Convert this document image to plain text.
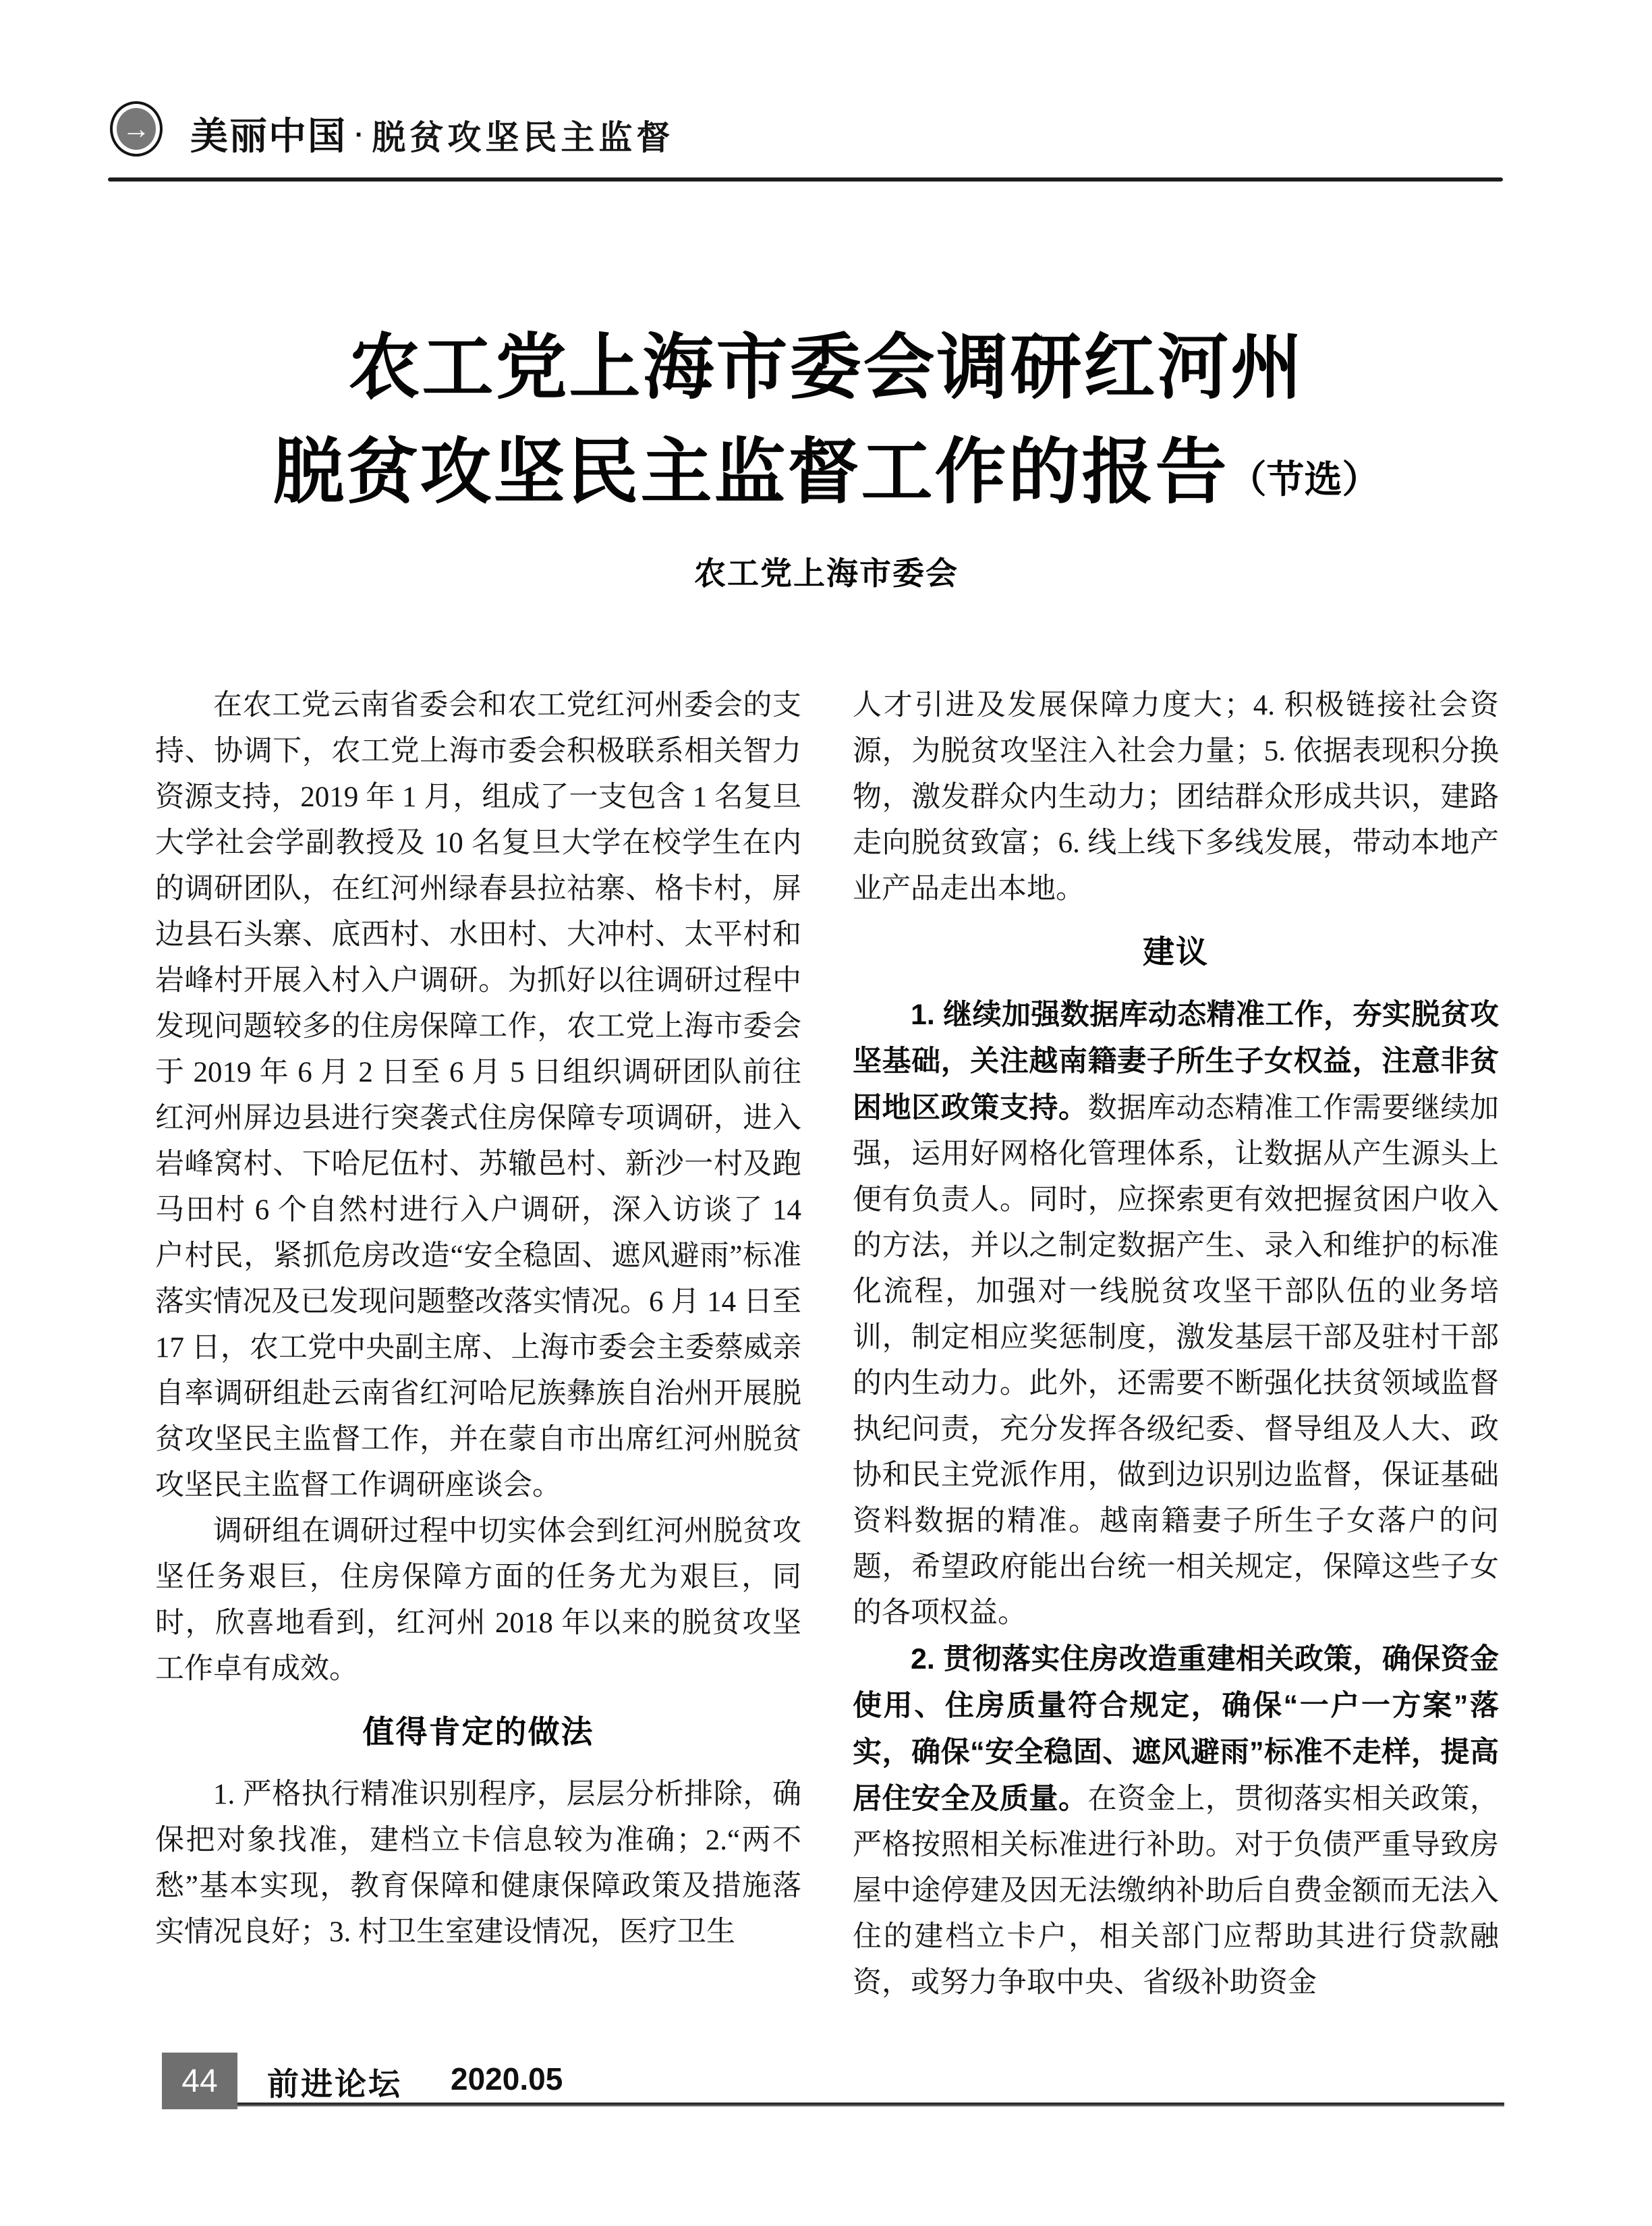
→ 美丽中国 · 脱贫攻坚民主监督
农工党上海市委会调研红河州
脱贫攻坚民主监督工作的报告（节选）
农工党上海市委会

在农工党云南省委会和农工党红河州委会的支持、协调下，农工党上海市委会积极联系相关智力资源支持，2019 年 1 月，组成了一支包含 1 名复旦大学社会学副教授及 10 名复旦大学在校学生在内的调研团队，在红河州绿春县拉祜寨、格卡村，屏边县石头寨、底西村、水田村、大冲村、太平村和岩峰村开展入村入户调研。为抓好以往调研过程中发现问题较多的住房保障工作，农工党上海市委会于 2019 年 6 月 2 日至 6 月 5 日组织调研团队前往红河州屏边县进行突袭式住房保障专项调研，进入岩峰窝村、下哈尼伍村、苏辙邑村、新沙一村及跑马田村 6 个自然村进行入户调研，深入访谈了 14 户村民，紧抓危房改造“安全稳固、遮风避雨”标准落实情况及已发现问题整改落实情况。6 月 14 日至 17 日，农工党中央副主席、上海市委会主委蔡威亲自率调研组赴云南省红河哈尼族彝族自治州开展脱贫攻坚民主监督工作，并在蒙自市出席红河州脱贫攻坚民主监督工作调研座谈会。

调研组在调研过程中切实体会到红河州脱贫攻坚任务艰巨，住房保障方面的任务尤为艰巨，同时，欣喜地看到，红河州 2018 年以来的脱贫攻坚工作卓有成效。

值得肯定的做法

1. 严格执行精准识别程序，层层分析排除，确保把对象找准，建档立卡信息较为准确；2.“两不愁”基本实现，教育保障和健康保障政策及措施落实情况良好；3. 村卫生室建设情况，医疗卫生

人才引进及发展保障力度大；4. 积极链接社会资源，为脱贫攻坚注入社会力量；5. 依据表现积分换物，激发群众内生动力；团结群众形成共识，建路走向脱贫致富；6. 线上线下多线发展，带动本地产业产品走出本地。

建议

1. 继续加强数据库动态精准工作，夯实脱贫攻坚基础，关注越南籍妻子所生子女权益，注意非贫困地区政策支持。数据库动态精准工作需要继续加强，运用好网格化管理体系，让数据从产生源头上便有负责人。同时，应探索更有效把握贫困户收入的方法，并以之制定数据产生、录入和维护的标准化流程，加强对一线脱贫攻坚干部队伍的业务培训，制定相应奖惩制度，激发基层干部及驻村干部的内生动力。此外，还需要不断强化扶贫领域监督执纪问责，充分发挥各级纪委、督导组及人大、政协和民主党派作用，做到边识别边监督，保证基础资料数据的精准。越南籍妻子所生子女落户的问题，希望政府能出台统一相关规定，保障这些子女的各项权益。

2. 贯彻落实住房改造重建相关政策，确保资金使用、住房质量符合规定，确保“一户一方案”落实，确保“安全稳固、遮风避雨”标准不走样，提高居住安全及质量。在资金上，贯彻落实相关政策，严格按照相关标准进行补助。对于负债严重导致房屋中途停建及因无法缴纳补助后自费金额而无法入住的建档立卡户，相关部门应帮助其进行贷款融资，或努力争取中央、省级补助资金

44 前进论坛 2020.05
